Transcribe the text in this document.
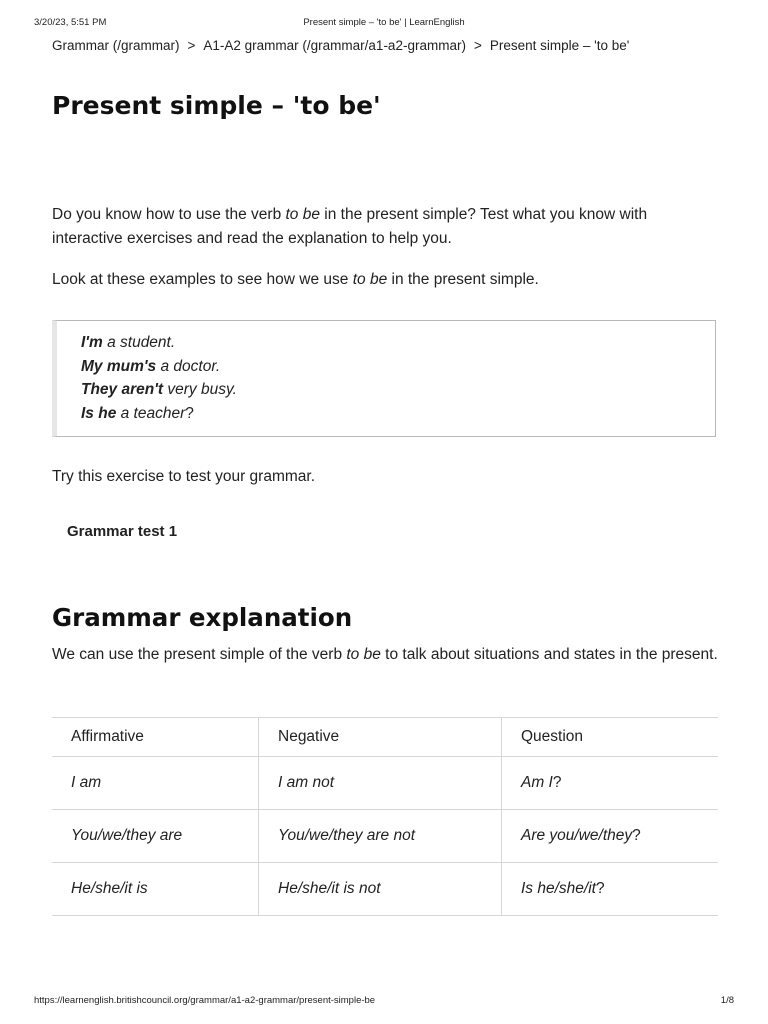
3/20/23, 5:51 PM	Present simple – 'to be' | LearnEnglish
Grammar (/grammar) > A1-A2 grammar (/grammar/a1-a2-grammar) > Present simple – 'to be'
Present simple – 'to be'

Do you know how to use the verb to be in the present simple? Test what you know with interactive exercises and read the explanation to help you.

Look at these examples to see how we use to be in the present simple.

I'm a student.
My mum's a doctor.
They aren't very busy.
Is he a teacher?

Try this exercise to test your grammar.

Grammar test 1
Grammar explanation

We can use the present simple of the verb to be to talk about situations and states in the present.

Affirmative	Negative	Question
I am	I am not	Am I?
You/we/they are	You/we/they are not	Are you/we/they?
He/she/it is	He/she/it is not	Is he/she/it?
https://learnenglish.britishcouncil.org/grammar/a1-a2-grammar/present-simple-be	1/8
